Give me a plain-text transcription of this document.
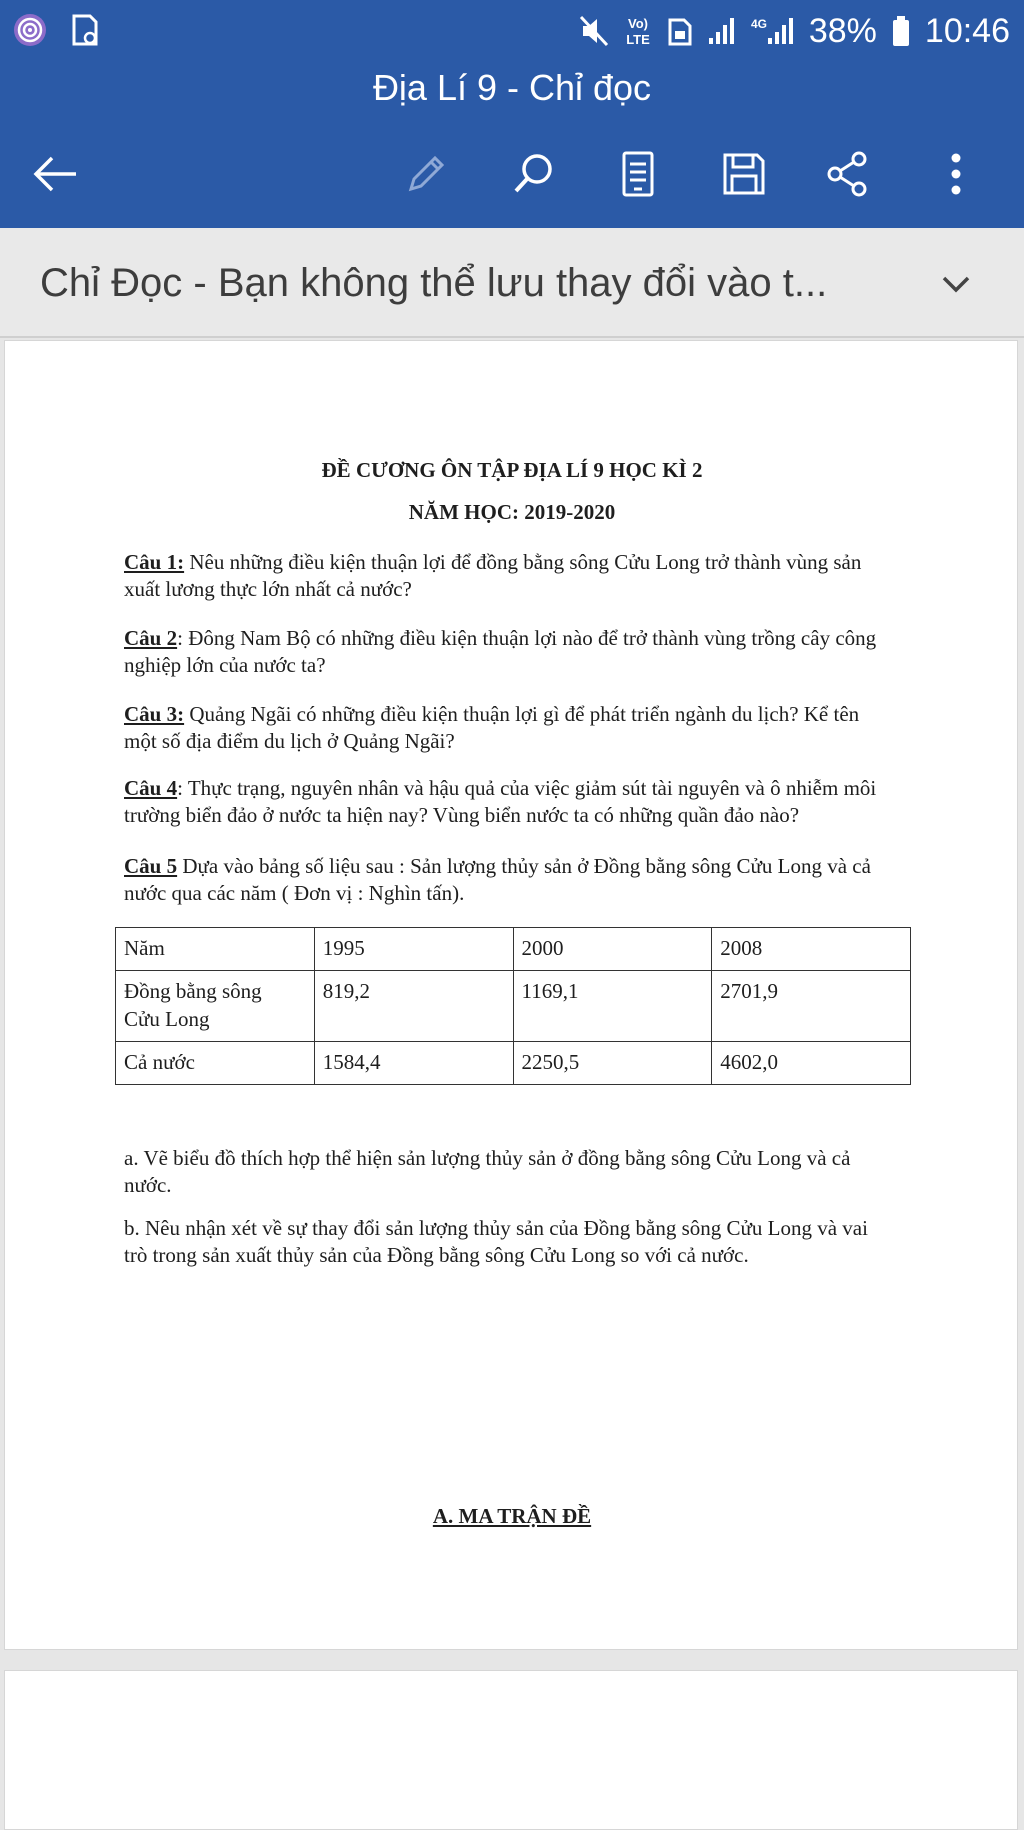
Vo)
LTE
4G 38% 10:46
Địa Lí 9 - Chỉ đọc
Chỉ Đọc - Bạn không thể lưu thay đổi vào t...
ĐỀ CƯƠNG ÔN TẬP ĐỊA LÍ 9 HỌC KÌ 2
NĂM HỌC: 2019-2020
Câu 1: Nêu những điều kiện thuận lợi để đồng bằng sông Cửu Long trở thành vùng sản xuất lương thực lớn nhất cả nước?
Câu 2: Đông Nam Bộ có những điều kiện thuận lợi nào để trở thành vùng trồng cây công nghiệp lớn của nước ta?
Câu 3: Quảng Ngãi có những điều kiện thuận lợi gì để phát triển ngành du lịch? Kể tên một số địa điểm du lịch ở Quảng Ngãi?
Câu 4: Thực trạng, nguyên nhân và hậu quả của việc giảm sút tài nguyên và ô nhiễm môi trường biển đảo ở nước ta hiện nay? Vùng biển nước ta có những quần đảo nào?
Câu 5 Dựa vào bảng số liệu sau : Sản lượng thủy sản ở Đồng bằng sông Cửu Long và cả nước qua các năm ( Đơn vị : Nghìn tấn).
Năm	1995	2000	2008
Đồng bằng sông Cửu Long	819,2	1169,1	2701,9
Cả nước	1584,4	2250,5	4602,0
a. Vẽ biểu đồ thích hợp thể hiện sản lượng thủy sản ở đồng bằng sông Cửu Long và cả nước.
b. Nêu nhận xét về sự thay đổi sản lượng thủy sản của Đồng bằng sông Cửu Long và vai trò trong sản xuất thủy sản của Đồng bằng sông Cửu Long so với cả nước.
A. MA TRẬN ĐỀ
